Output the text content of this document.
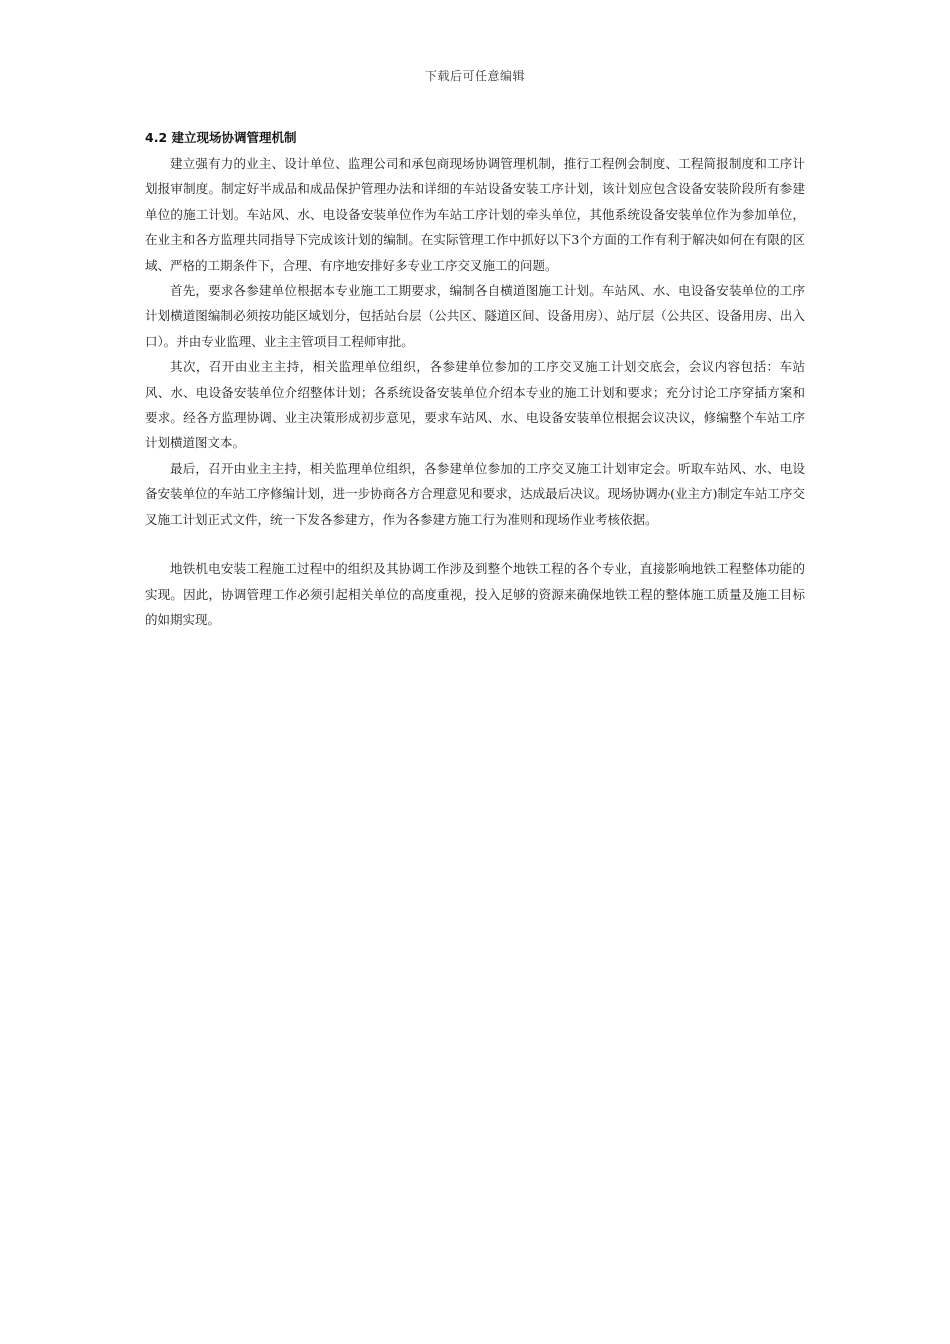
下载后可任意编辑
4.2 建立现场协调管理机制

建立强有力的业主、设计单位、监理公司和承包商现场协调管理机制，推行工程例会制度、工程简报制度和工序计划报审制度。制定好半成品和成品保护管理办法和详细的车站设备安装工序计划，该计划应包含设备安装阶段所有参建单位的施工计划。车站风、水、电设备安装单位作为车站工序计划的牵头单位，其他系统设备安装单位作为参加单位，在业主和各方监理共同指导下完成该计划的编制。在实际管理工作中抓好以下3个方面的工作有利于解决如何在有限的区域、严格的工期条件下，合理、有序地安排好多专业工序交叉施工的问题。

首先，要求各参建单位根据本专业施工工期要求，编制各自横道图施工计划。车站风、水、电设备安装单位的工序计划横道图编制必须按功能区域划分，包括站台层（公共区、隧道区间、设备用房）、站厅层（公共区、设备用房、出入口）。并由专业监理、业主主管项目工程师审批。

其次，召开由业主主持，相关监理单位组织，各参建单位参加的工序交叉施工计划交底会，会议内容包括：车站风、水、电设备安装单位介绍整体计划；各系统设备安装单位介绍本专业的施工计划和要求；充分讨论工序穿插方案和要求。经各方监理协调、业主决策形成初步意见，要求车站风、水、电设备安装单位根据会议决议，修编整个车站工序计划横道图文本。

最后，召开由业主主持，相关监理单位组织，各参建单位参加的工序交叉施工计划审定会。听取车站风、水、电设备安装单位的车站工序修编计划，进一步协商各方合理意见和要求，达成最后决议。现场协调办(业主方)制定车站工序交叉施工计划正式文件，统一下发各参建方，作为各参建方施工行为准则和现场作业考核依据。

地铁机电安装工程施工过程中的组织及其协调工作涉及到整个地铁工程的各个专业，直接影响地铁工程整体功能的实现。因此，协调管理工作必须引起相关单位的高度重视，投入足够的资源来确保地铁工程的整体施工质量及施工目标的如期实现。
